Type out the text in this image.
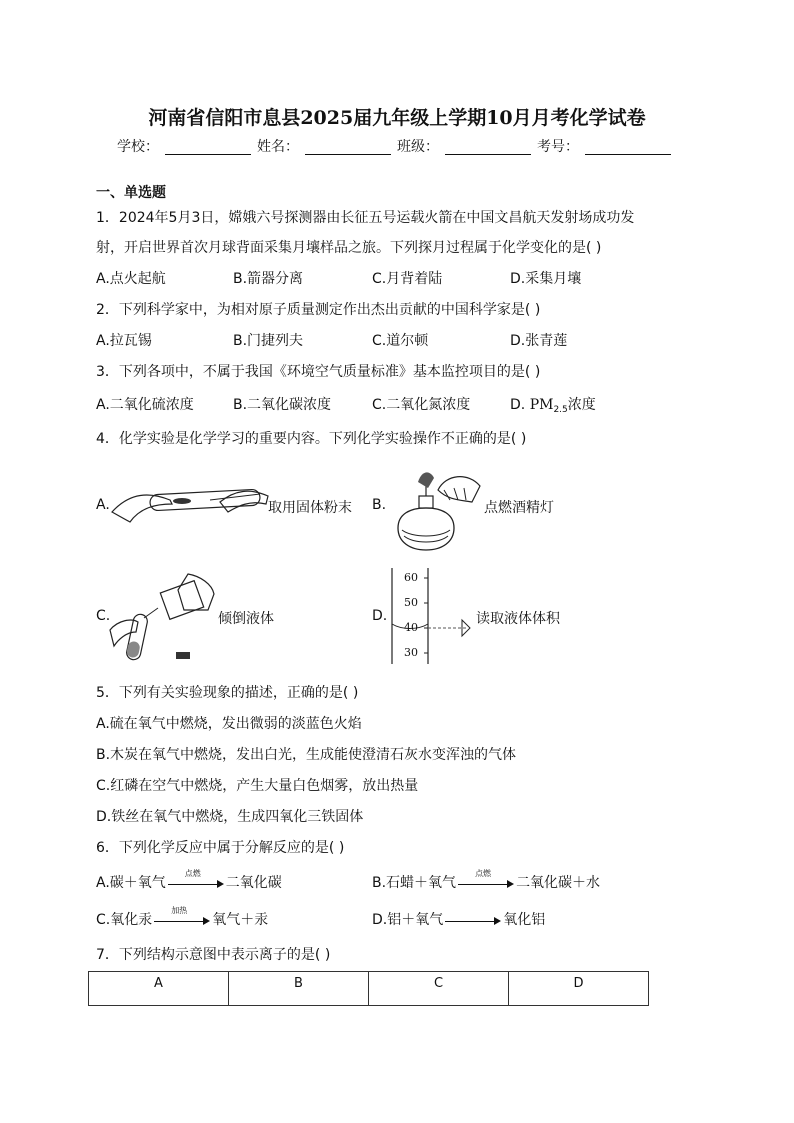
河南省信阳市息县2025届九年级上学期10月月考化学试卷
学校：	姓名：	班级：	考号：
一、单选题
1．2024年5月3日，嫦娥六号探测器由长征五号运载火箭在中国文昌航天发射场成功发
射，开启世界首次月球背面采集月壤样品之旅。下列探月过程属于化学变化的是( )
A.点火起航	B.箭器分离	C.月背着陆	D.采集月壤
2．下列科学家中，为相对原子质量测定作出杰出贡献的中国科学家是( )
A.拉瓦锡	B.门捷列夫	C.道尔顿	D.张青莲
3．下列各项中，不属于我国《环境空气质量标准》基本监控项目的是( )
A.二氧化硫浓度	B.二氧化碳浓度	C.二氧化氮浓度	D. $PM_{2.5}$浓度
4．化学实验是化学学习的重要内容。下列化学实验操作不正确的是( )
A.	取用固体粉末 B.	点燃酒精灯
C.	倾倒液体	D.
60
50
40
30
读取液体体积
5．下列有关实验现象的描述，正确的是( )
A.硫在氧气中燃烧，发出微弱的淡蓝色火焰
B.木炭在氧气中燃烧，发出白光，生成能使澄清石灰水变浑浊的气体
C.红磷在空气中燃烧，产生大量白色烟雾，放出热量
D.铁丝在氧气中燃烧，生成四氧化三铁固体
6．下列化学反应中属于分解反应的是( )
A.碳＋氧气
点燃
二氧化碳	B.石蜡＋氧气
点燃
二氧化碳＋水
C.氧化汞
加热
氧气＋汞	D.铝＋氧气	氧化铝
7．下列结构示意图中表示离子的是( )
A	B	C	D
